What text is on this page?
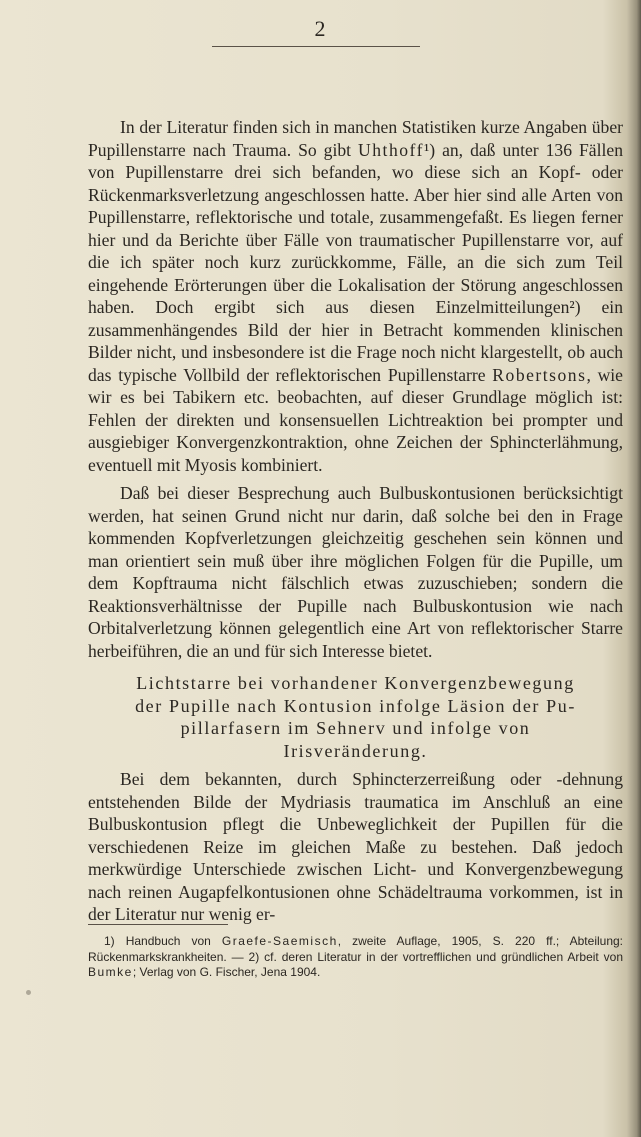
2

In der Literatur finden sich in manchen Statistiken kurze Angaben über Pupillenstarre nach Trauma. So gibt Uhthoff¹) an, daß unter 136 Fällen von Pupillenstarre drei sich befanden, wo diese sich an Kopf- oder Rückenmarksverletzung angeschlossen hatte. Aber hier sind alle Arten von Pupillenstarre, reflektorische und totale, zusammengefaßt. Es liegen ferner hier und da Berichte über Fälle von traumatischer Pupillenstarre vor, auf die ich später noch kurz zurückkomme, Fälle, an die sich zum Teil eingehende Erörterungen über die Lokalisation der Störung angeschlossen haben. Doch ergibt sich aus diesen Einzelmitteilungen²) ein zusammenhängendes Bild der hier in Betracht kommenden klinischen Bilder nicht, und insbesondere ist die Frage noch nicht klargestellt, ob auch das typische Vollbild der reflektorischen Pupillenstarre Robertsons, wie wir es bei Tabikern etc. beobachten, auf dieser Grundlage möglich ist: Fehlen der direkten und konsensuellen Lichtreaktion bei prompter und ausgiebiger Konvergenzkontraktion, ohne Zeichen der Sphincterlähmung, eventuell mit Myosis kombiniert.

Daß bei dieser Besprechung auch Bulbuskontusionen berücksichtigt werden, hat seinen Grund nicht nur darin, daß solche bei den in Frage kommenden Kopfverletzungen gleichzeitig geschehen sein können und man orientiert sein muß über ihre möglichen Folgen für die Pupille, um dem Kopftrauma nicht fälschlich etwas zuzuschieben; sondern die Reaktionsverhältnisse der Pupille nach Bulbuskontusion wie nach Orbitalverletzung können gelegentlich eine Art von reflektorischer Starre herbeiführen, die an und für sich Interesse bietet.

Lichtstarre bei vorhandener Konvergenzbewegung
der Pupille nach Kontusion infolge Läsion der Pu-
pillarfasern im Sehnerv und infolge von
Irisveränderung.

Bei dem bekannten, durch Sphincterzerreißung oder -dehnung entstehenden Bilde der Mydriasis traumatica im Anschluß an eine Bulbuskontusion pflegt die Unbeweglichkeit der Pupillen für die verschiedenen Reize im gleichen Maße zu bestehen. Daß jedoch merkwürdige Unterschiede zwischen Licht- und Konvergenzbewegung nach reinen Augapfelkontusionen ohne Schädeltrauma vorkommen, ist in der Literatur nur wenig er-

1) Handbuch von Graefe-Saemisch, zweite Auflage, 1905, S. 220 ff.; Abteilung: Rückenmarkskrankheiten. — 2) cf. deren Literatur in der vortrefflichen und gründlichen Arbeit von Bumke; Verlag von G. Fischer, Jena 1904.
